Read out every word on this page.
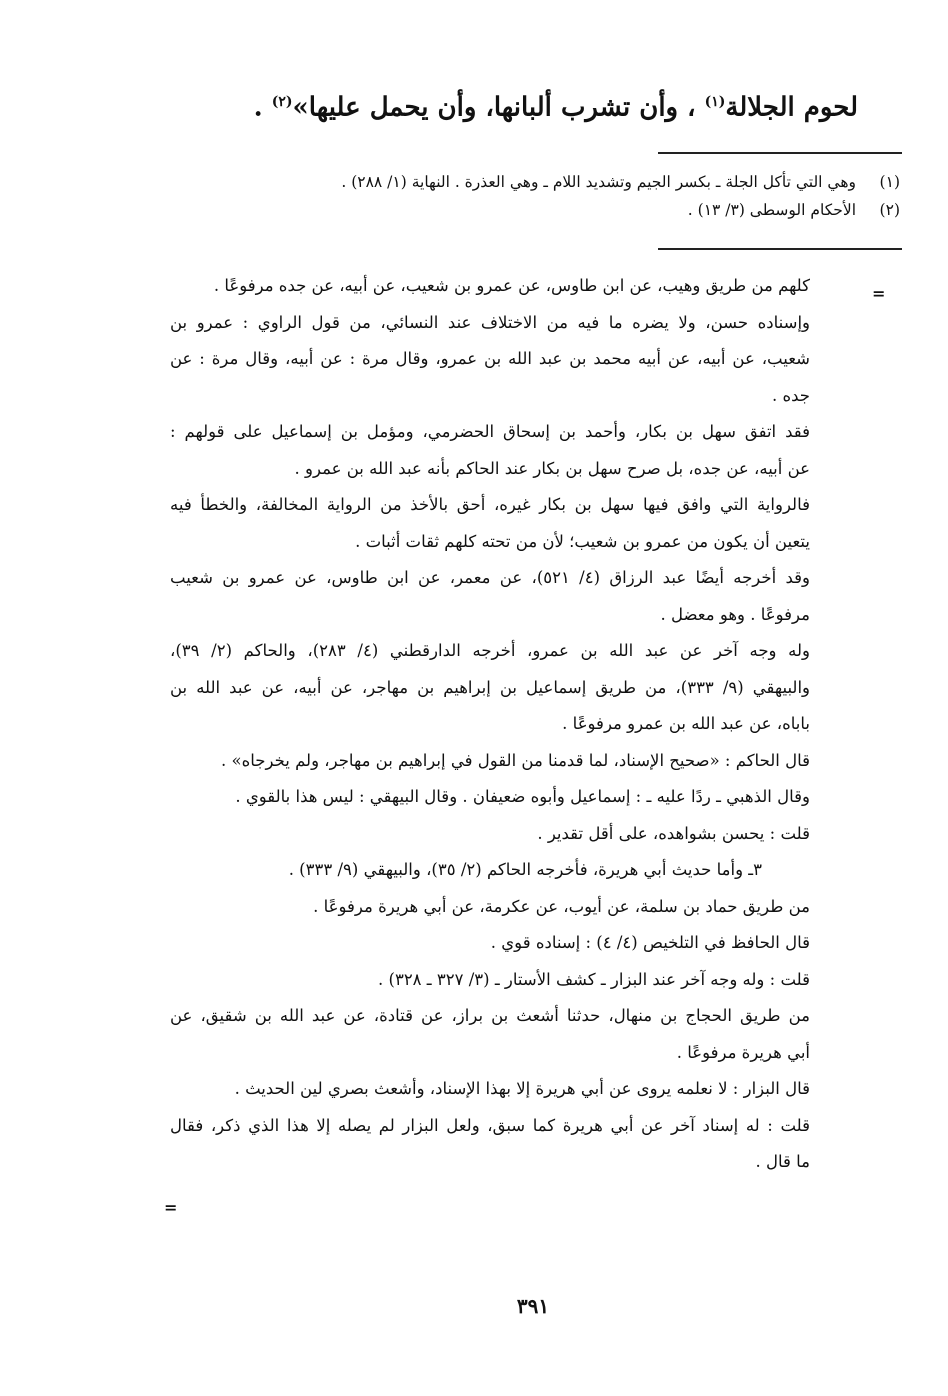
لحوم الجلالة$^{(١)}$ ، وأن تشرب ألبانها، وأن يحمل عليها»$^{(٢)}$ .
(١)
وهي التي تأكل الجلة ـ بكسر الجيم وتشديد اللام ـ وهي العذرة . النهاية (١/ ٢٨٨) .
(٢)
الأحكام الوسطى (٣/ ١٣) .
=
كلهم من طريق وهيب، عن ابن طاوس، عن عمرو بن شعيب، عن أبيه، عن جده مرفوعًا .
وإسناده حسن، ولا يضره ما فيه من الاختلاف عند النسائي، من قول الراوي : عمرو بن
شعيب، عن أبيه، عن أبيه محمد بن عبد الله بن عمرو، وقال مرة : عن أبيه، وقال مرة : عن
جده .
فقد اتفق سهل بن بكار، وأحمد بن إسحاق الحضرمي، ومؤمل بن إسماعيل على قولهم :
عن أبيه، عن جده، بل صرح سهل بن بكار عند الحاكم بأنه عبد الله بن عمرو .
فالرواية التي وافق فيها سهل بن بكار غيره، أحق بالأخذ من الرواية المخالفة، والخطأ فيه
يتعين أن يكون من عمرو بن شعيب؛ لأن من تحته كلهم ثقات أثبات .
وقد أخرجه أيضًا عبد الرزاق (٤/ ٥٢١)، عن معمر، عن ابن طاوس، عن عمرو بن شعيب
مرفوعًا . وهو معضل .
وله وجه آخر عن عبد الله بن عمرو، أخرجه الدارقطني (٤/ ٢٨٣)، والحاكم (٢/ ٣٩)،
والبيهقي (٩/ ٣٣٣)، من طريق إسماعيل بن إبراهيم بن مهاجر، عن أبيه، عن عبد الله بن
باباه، عن عبد الله بن عمرو مرفوعًا .
قال الحاكم : «صحيح الإسناد، لما قدمنا من القول في إبراهيم بن مهاجر، ولم يخرجاه» .
وقال الذهبي ـ ردًا عليه ـ : إسماعيل وأبوه ضعيفان . وقال البيهقي : ليس هذا بالقوي .
قلت : يحسن بشواهده، على أقل تقدير .
٣ـ وأما حديث أبي هريرة، فأخرجه الحاكم (٢/ ٣٥)، والبيهقي (٩/ ٣٣٣) .
من طريق حماد بن سلمة، عن أيوب، عن عكرمة، عن أبي هريرة مرفوعًا .
قال الحافظ في التلخيص (٤/ ٤) : إسناده قوي .
قلت : وله وجه آخر عند البزار ـ كشف الأستار ـ (٣/ ٣٢٧ ـ ٣٢٨) .
من طريق الحجاج بن منهال، حدثنا أشعث بن براز، عن قتادة، عن عبد الله بن شقيق، عن
أبي هريرة مرفوعًا .
قال البزار : لا نعلمه يروى عن أبي هريرة إلا بهذا الإسناد، وأشعث بصري لين الحديث .
قلت : له إسناد آخر عن أبي هريرة كما سبق، ولعل البزار لم يصله إلا هذا الذي ذكر، فقال
ما قال .
=
٣٩١
